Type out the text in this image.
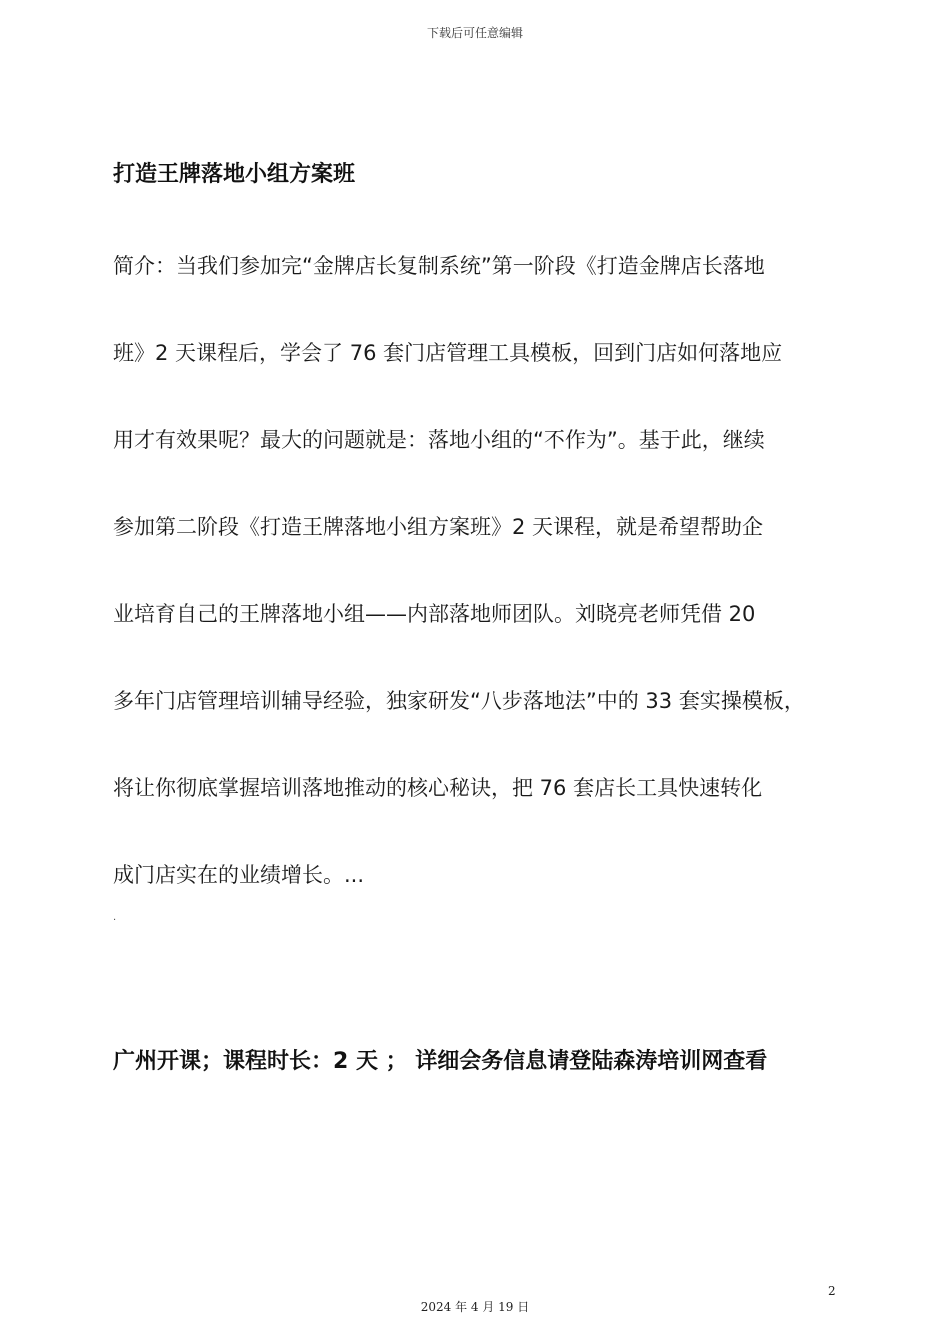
下载后可任意编辑
打造王牌落地小组方案班
简介：当我们参加完“金牌店长复制系统”第一阶段《打造金牌店长落地
班》2 天课程后，学会了 76 套门店管理工具模板，回到门店如何落地应
用才有效果呢？最大的问题就是：落地小组的“不作为”。基于此，继续
参加第二阶段《打造王牌落地小组方案班》2 天课程，就是希望帮助企
业培育自己的王牌落地小组——内部落地师团队。刘晓亮老师凭借 20
多年门店管理培训辅导经验，独家研发“八步落地法”中的 33 套实操模板，
将让你彻底掌握培训落地推动的核心秘诀，把 76 套店长工具快速转化
成门店实在的业绩增长。...
.
广州开课；课程时长：2 天 ； 详细会务信息请登陆森涛培训网查看
2
2024 年 4 月 19 日
